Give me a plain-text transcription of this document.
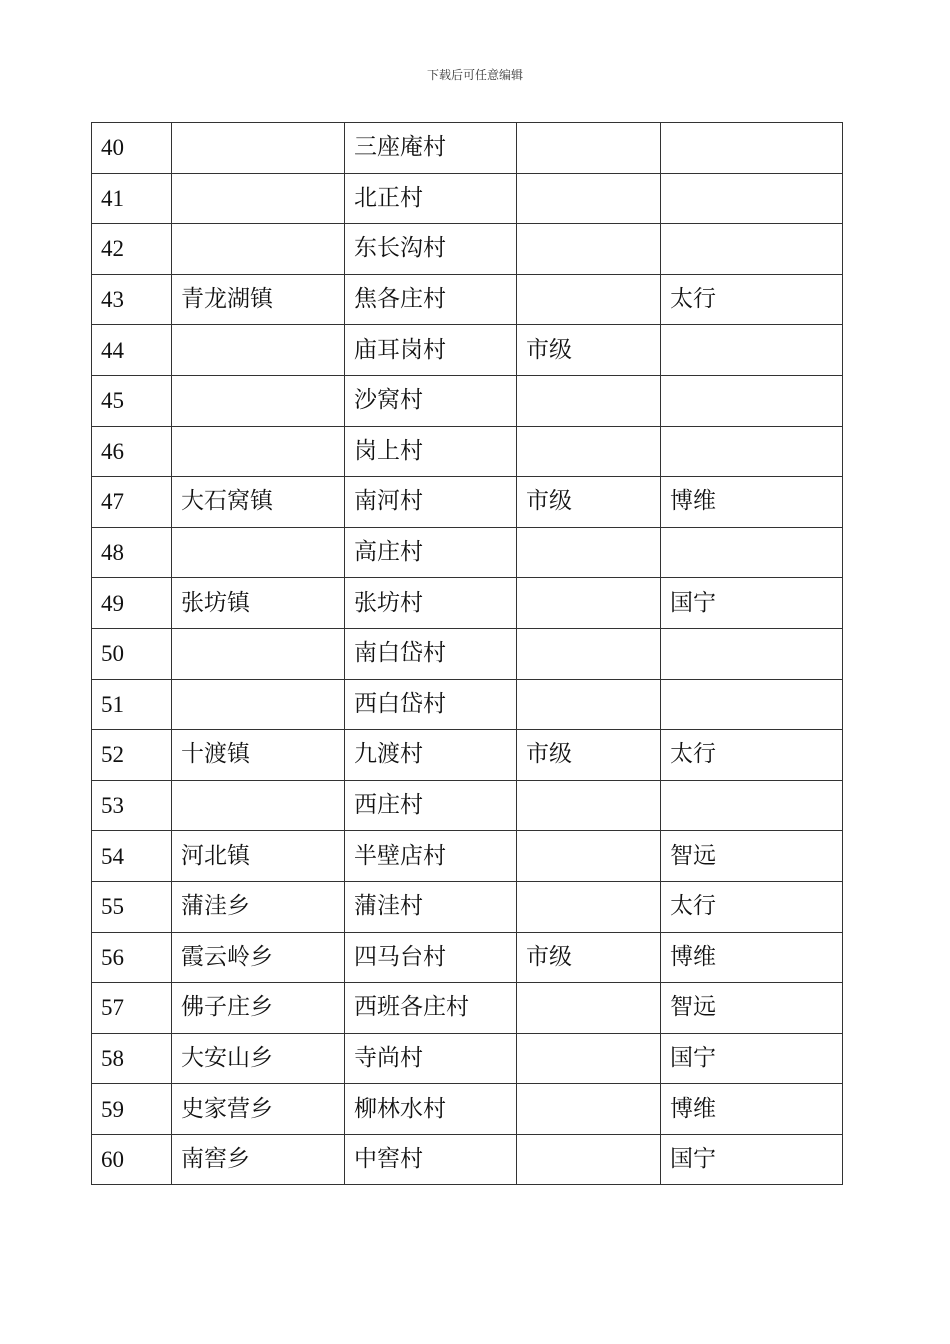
下载后可任意编辑
40		三座庵村		
41		北正村		
42		东长沟村		
43	青龙湖镇	焦各庄村		太行
44		庙耳岗村	市级	
45		沙窝村		
46		岗上村		
47	大石窝镇	南河村	市级	博维
48		高庄村		
49	张坊镇	张坊村		国宁
50		南白岱村		
51		西白岱村		
52	十渡镇	九渡村	市级	太行
53		西庄村		
54	河北镇	半壁店村		智远
55	蒲洼乡	蒲洼村		太行
56	霞云岭乡	四马台村	市级	博维
57	佛子庄乡	西班各庄村		智远
58	大安山乡	寺尚村		国宁
59	史家营乡	柳林水村		博维
60	南窖乡	中窖村		国宁
